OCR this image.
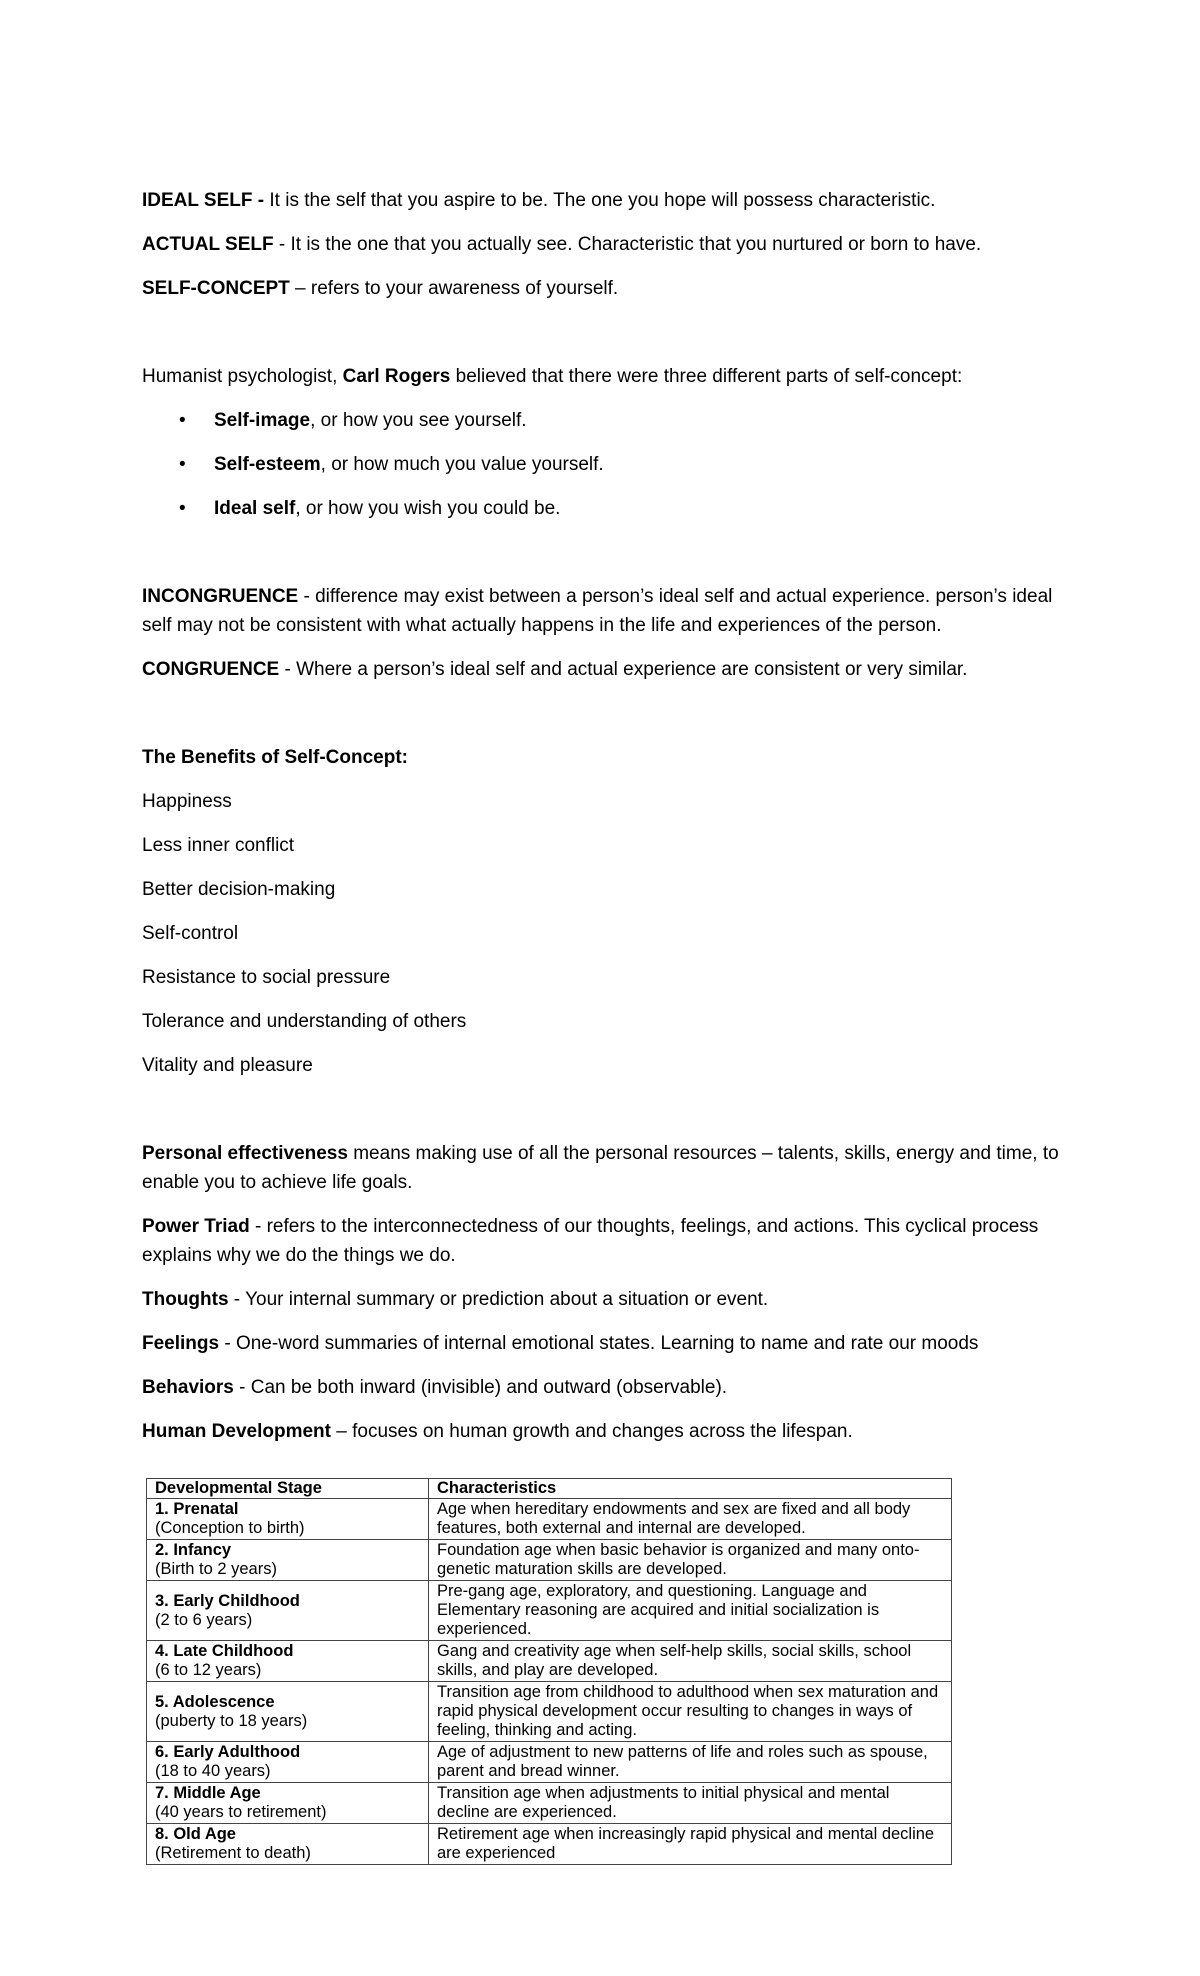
IDEAL SELF - It is the self that you aspire to be. The one you hope will possess characteristic.

ACTUAL SELF - It is the one that you actually see. Characteristic that you nurtured or born to have.

SELF-CONCEPT – refers to your awareness of yourself.

Humanist psychologist, Carl Rogers believed that there were three different parts of self-concept:

• Self-image, or how you see yourself.
• Self-esteem, or how much you value yourself.
• Ideal self, or how you wish you could be.

INCONGRUENCE - difference may exist between a person’s ideal self and actual experience. person’s ideal self may not be consistent with what actually happens in the life and experiences of the person.

CONGRUENCE - Where a person’s ideal self and actual experience are consistent or very similar.

The Benefits of Self-Concept:

Happiness

Less inner conflict

Better decision-making

Self-control

Resistance to social pressure

Tolerance and understanding of others

Vitality and pleasure

Personal effectiveness means making use of all the personal resources – talents, skills, energy and time, to enable you to achieve life goals.

Power Triad - refers to the interconnectedness of our thoughts, feelings, and actions. This cyclical process explains why we do the things we do.

Thoughts - Your internal summary or prediction about a situation or event.

Feelings - One-word summaries of internal emotional states. Learning to name and rate our moods

Behaviors - Can be both inward (invisible) and outward (observable).

Human Development – focuses on human growth and changes across the lifespan.

Developmental Stage	Characteristics

1. Prenatal
(Conception to birth)	Age when hereditary endowments and sex are fixed and all body features, both external and internal are developed.

2. Infancy
(Birth to 2 years)	Foundation age when basic behavior is organized and many onto-genetic maturation skills are developed.

3. Early Childhood
(2 to 6 years)	Pre-gang age, exploratory, and questioning. Language and Elementary reasoning are acquired and initial socialization is experienced.

4. Late Childhood
(6 to 12 years)	Gang and creativity age when self-help skills, social skills, school skills, and play are developed.

5. Adolescence
(puberty to 18 years)	Transition age from childhood to adulthood when sex maturation and rapid physical development occur resulting to changes in ways of feeling, thinking and acting.

6. Early Adulthood
(18 to 40 years)	Age of adjustment to new patterns of life and roles such as spouse, parent and bread winner.

7. Middle Age
(40 years to retirement)	Transition age when adjustments to initial physical and mental decline are experienced.

8. Old Age
(Retirement to death)	Retirement age when increasingly rapid physical and mental decline are experienced
